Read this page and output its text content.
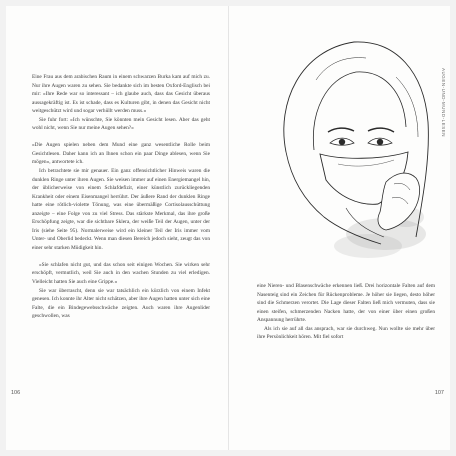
Eine Frau aus dem arabischen Raum in einem schwarzen Burka kam auf mich zu. Nur ihre Augen waren zu sehen. Sie bedankte sich im besten Oxford-Englisch bei mir: »Ihre Rede war so interessant – ich glaube auch, dass das Gesicht überaus aussagekräftig ist. Es ist schade, dass es Kulturen gibt, in denen das Gesicht nicht weitgeschützt wird und sogar verhüllt werden muss.«

Sie fuhr fort: »Ich wünschte, Sie könnten mein Gesicht lesen. Aber das geht wohl nicht, wenn Sie nur meine Augen sehen?«

»Die Augen spielen neben dem Mund eine ganz wesentliche Rolle beim Gesichtlesen. Daher kann ich an Ihnen schon ein paar Dinge ablesen, wenn Sie mögen«, antwortete ich.

Ich betrachtete sie mir genauer. Ein ganz offensichtlicher Hinweis waren die dunklen Ringe unter ihren Augen. Sie weisen immer auf einen Energiemangel hin, der üblicherweise von einem Schlafdefizit, einer künstlich zurückliegenden Krankheit oder einem Eisenmangel herrührt. Der äußere Rand der dunklen Ringe hatte eine rötlich-violette Tönung, was eine übermäßige Cortisolausschüttung anzeigte – eine Folge von zu viel Stress. Das stärkste Merkmal, das ihre große Erschöpfung zeigte, war die sichtbare Sklera, der weiße Teil der Augen, unter der Iris (siehe Seite 95). Normalerweise wird ein kleiner Teil der Iris immer vom Unter- und Oberlid bedeckt. Wenn man diesen Bereich jedoch sieht, zeugt das von einer sehr starken Müdigkeit hin.

»Sie schlafen nicht gut, und das schon seit einigen Wochen. Sie wirken sehr erschöpft, vermutlich, weil Sie auch in den wachen Stunden zu viel erledigen. Vielleicht hatten Sie auch eine Grippe.«

Sie war überrascht, denn sie war tatsächlich ein kürzlich von einem Infekt genesen. Ich konnte ihr Alter nicht schätzen, aber ihre Augen hatten unter sich eine Falte, die ein Bindegewebsschwäche zeigten. Auch waren ihre Augenlider geschwollen, was

106
AUGEN-UND-MUND-LESEN

eine Nieren- und Blasenschwäche erkennen ließ. Drei horizontale Falten auf dem Nasenteig sind ein Zeichen für Rückenprobleme. Je höher sie liegen, desto höher sind die Schmerzen verortet. Die Lage dieser Falten ließ mich vermuten, dass sie einen steifen, schmerzenden Nacken hatte, der von einer über einen großen Anspannung herrührte.

Als ich sie auf all das ansprach, war sie durchweg. Nun wollte sie mehr über ihre Persönlichkeit hören. Mit fiel sofort

107
